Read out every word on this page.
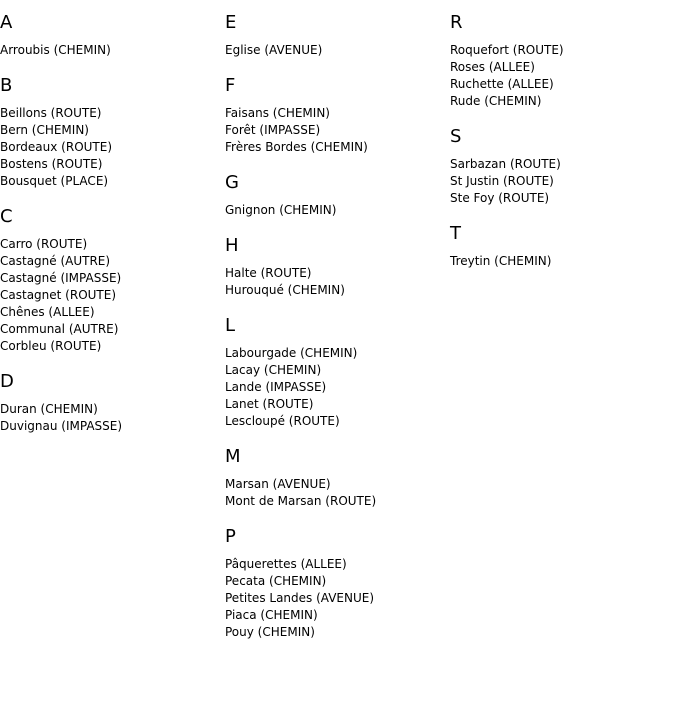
A
Arroubis (CHEMIN)
B
Beillons (ROUTE)
Bern (CHEMIN)
Bordeaux (ROUTE)
Bostens (ROUTE)
Bousquet (PLACE)
C
Carro (ROUTE)
Castagné (AUTRE)
Castagné (IMPASSE)
Castagnet (ROUTE)
Chênes (ALLEE)
Communal (AUTRE)
Corbleu (ROUTE)
D
Duran (CHEMIN)
Duvignau (IMPASSE)
E
Eglise (AVENUE)
F
Faisans (CHEMIN)
Forêt (IMPASSE)
Frères Bordes (CHEMIN)
G
Gnignon (CHEMIN)
H
Halte (ROUTE)
Hurouqué (CHEMIN)
L
Labourgade (CHEMIN)
Lacay (CHEMIN)
Lande (IMPASSE)
Lanet (ROUTE)
Lescloupé (ROUTE)
M
Marsan (AVENUE)
Mont de Marsan (ROUTE)
P
Pâquerettes (ALLEE)
Pecata (CHEMIN)
Petites Landes (AVENUE)
Piaca (CHEMIN)
Pouy (CHEMIN)
R
Roquefort (ROUTE)
Roses (ALLEE)
Ruchette (ALLEE)
Rude (CHEMIN)
S
Sarbazan (ROUTE)
St Justin (ROUTE)
Ste Foy (ROUTE)
T
Treytin (CHEMIN)
